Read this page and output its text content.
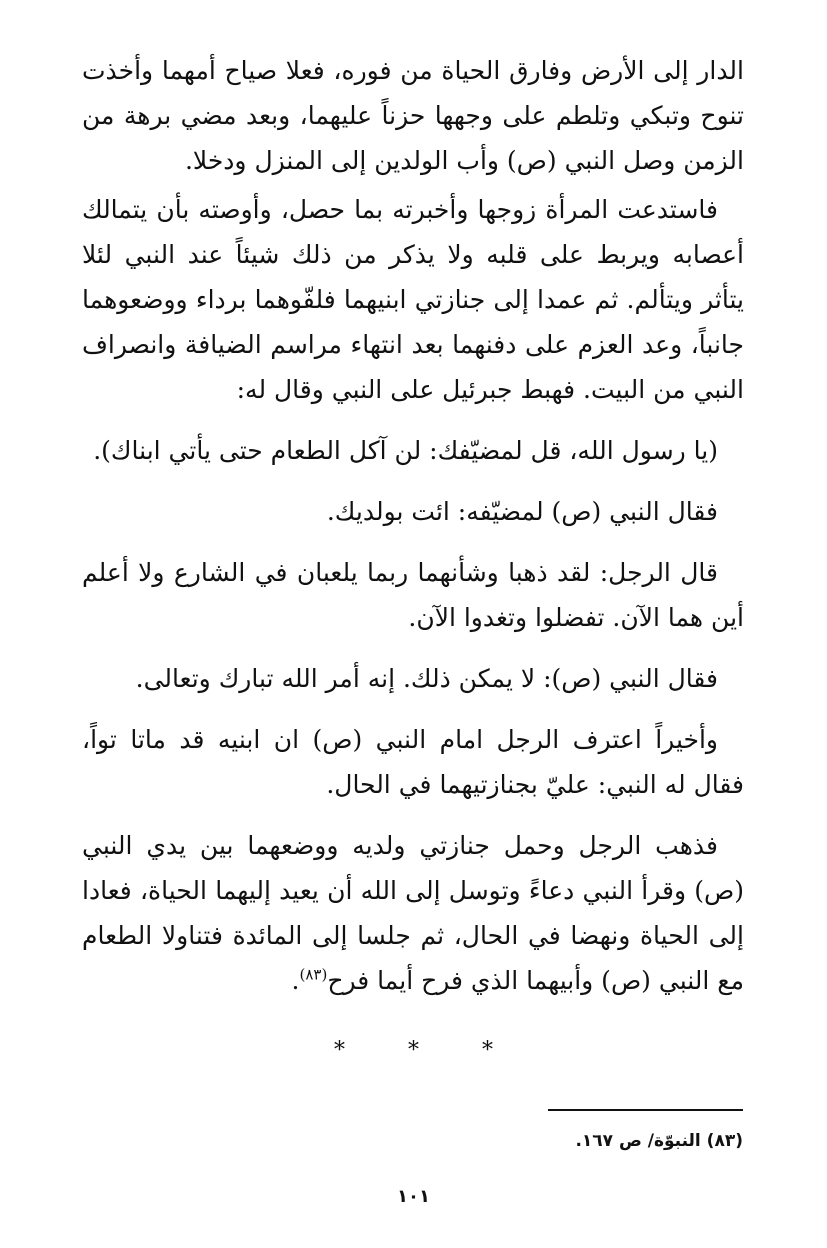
الدار إلى الأرض وفارق الحياة من فوره، فعلا صياح أمهما وأخذت تنوح وتبكي وتلطم على وجهها حزناً عليهما، وبعد مضي برهة من الزمن وصل النبي (ص) وأب الولدين إلى المنزل ودخلا.

فاستدعت المرأة زوجها وأخبرته بما حصل، وأوصته بأن يتمالك أعصابه ويربط على قلبه ولا يذكر من ذلك شيئاً عند النبي لئلا يتأثر ويتألم. ثم عمدا إلى جنازتي ابنيهما فلفّوهما برداء ووضعوهما جانباً، وعد العزم على دفنهما بعد انتهاء مراسم الضيافة وانصراف النبي من البيت. فهبط جبرئيل على النبي وقال له:

(يا رسول الله، قل لمضيّفك: لن آكل الطعام حتى يأتي ابناك).

فقال النبي (ص) لمضيّفه: ائت بولديك.

قال الرجل: لقد ذهبا وشأنهما ربما يلعبان في الشارع ولا أعلم أين هما الآن. تفضلوا وتغدوا الآن.

فقال النبي (ص): لا يمكن ذلك. إنه أمر الله تبارك وتعالى.

وأخيراً اعترف الرجل امام النبي (ص) ان ابنيه قد ماتا تواً، فقال له النبي: عليّ بجنازتيهما في الحال.

فذهب الرجل وحمل جنازتي ولديه ووضعهما بين يدي النبي (ص) وقرأ النبي دعاءً وتوسل إلى الله أن يعيد إليهما الحياة، فعادا إلى الحياة ونهضا في الحال، ثم جلسا إلى المائدة فتناولا الطعام مع النبي (ص) وأبيهما الذي فرح أيما فرح$^{(٨٣)}$.

* * *
(٨٣) النبوّة/ ص ١٦٧.
١٠١
